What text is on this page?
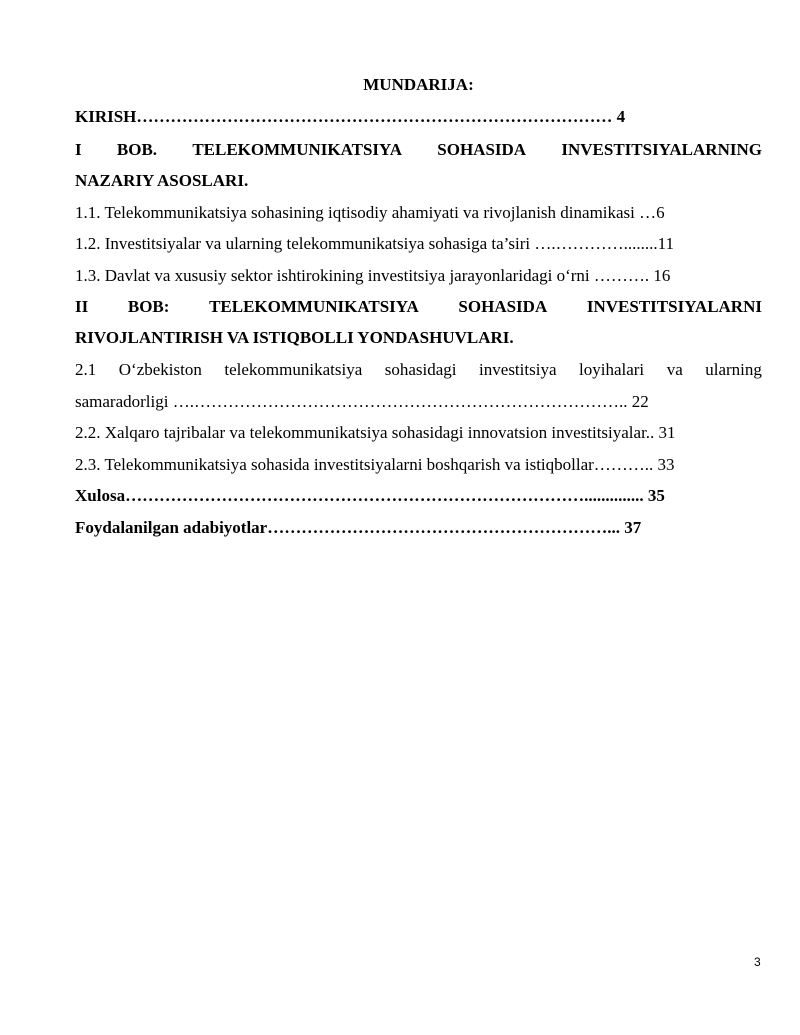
MUNDARIJA:

KIRISH………………………………………………………………………… 4

I BOB. TELEKOMMUNIKATSIYA SOHASIDA INVESTITSIYALARNING

NAZARIY ASOSLARI.

1.1. Telekommunikatsiya sohasining iqtisodiy ahamiyati va rivojlanish dinamikasi …6

1.2. Investitsiyalar va ularning telekommunikatsiya sohasiga ta’siri ….…………........11

1.3. Davlat va xususiy sektor ishtirokining investitsiya jarayonlaridagi o‘rni ………. 16

II BOB: TELEKOMMUNIKATSIYA SOHASIDA INVESTITSIYALARNI

RIVOJLANTIRISH VA ISTIQBOLLI YONDASHUVLARI.

2.1 O‘zbekiston telekommunikatsiya sohasidagi investitsiya loyihalari va ularning

samaradorligi ….………………………………………………………………….. 22

2.2. Xalqaro tajribalar va telekommunikatsiya sohasidagi innovatsion investitsiyalar.. 31

2.3. Telekommunikatsiya sohasida investitsiyalarni boshqarish va istiqbollar……….. 33

Xulosa……………………………………………………………………….............. 35

Foydalanilgan adabiyotlar……………………………………………………... 37

3
